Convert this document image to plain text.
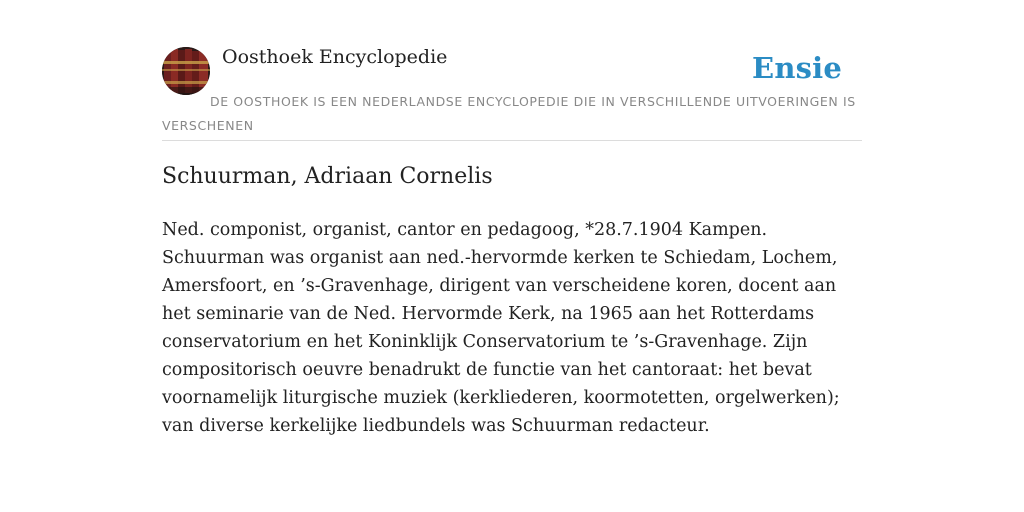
Oosthoek Encyclopedie	Ensie
DE OOSTHOEK IS EEN NEDERLANDSE ENCYCLOPEDIE DIE IN VERSCHILLENDE UITVOERINGEN IS VERSCHENEN
Schuurman, Adriaan Cornelis

Ned. componist, organist, cantor en pedagoog, *28.7.1904 Kampen. Schuurman was organist aan ned.-hervormde kerken te Schiedam, Lochem, Amersfoort, en ’s-Gravenhage, dirigent van verscheidene koren, docent aan het seminarie van de Ned. Hervormde Kerk, na 1965 aan het Rotterdams conservatorium en het Koninklijk Conservatorium te ’s-Gravenhage. Zijn compositorisch oeuvre benadrukt de functie van het cantoraat: het bevat voornamelijk liturgische muziek (kerkliederen, koormotetten, orgelwerken); van diverse kerkelijke liedbundels was Schuurman redacteur.
